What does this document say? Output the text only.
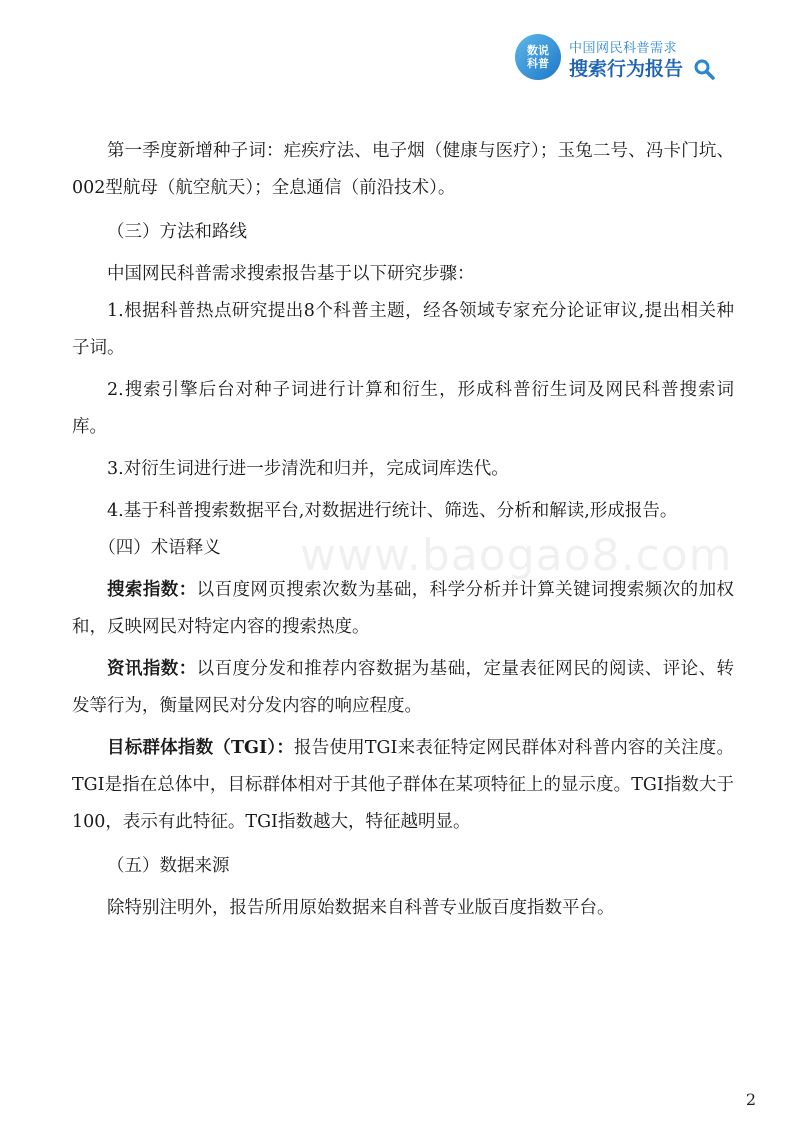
数说
科普
中国网民科普需求
搜索行为报告
www.baogao8.com

第一季度新增种子词：疟疾疗法、电子烟（健康与医疗）；玉兔二号、冯卡门坑、002型航母（航空航天）；全息通信（前沿技术）。

（三）方法和路线

中国网民科普需求搜索报告基于以下研究步骤：

1.根据科普热点研究提出8个科普主题，经各领域专家充分论证审议,提出相关种子词。

2.搜索引擎后台对种子词进行计算和衍生，形成科普衍生词及网民科普搜索词库。

3.对衍生词进行进一步清洗和归并，完成词库迭代。

4.基于科普搜索数据平台,对数据进行统计、筛选、分析和解读,形成报告。

（四）术语释义

搜索指数：以百度网页搜索次数为基础，科学分析并计算关键词搜索频次的加权和，反映网民对特定内容的搜索热度。

资讯指数：以百度分发和推荐内容数据为基础，定量表征网民的阅读、评论、转发等行为，衡量网民对分发内容的响应程度。

目标群体指数（TGI）：报告使用TGI来表征特定网民群体对科普内容的关注度。TGI是指在总体中，目标群体相对于其他子群体在某项特征上的显示度。TGI指数大于100，表示有此特征。TGI指数越大，特征越明显。

（五）数据来源

除特别注明外，报告所用原始数据来自科普专业版百度指数平台。

2
